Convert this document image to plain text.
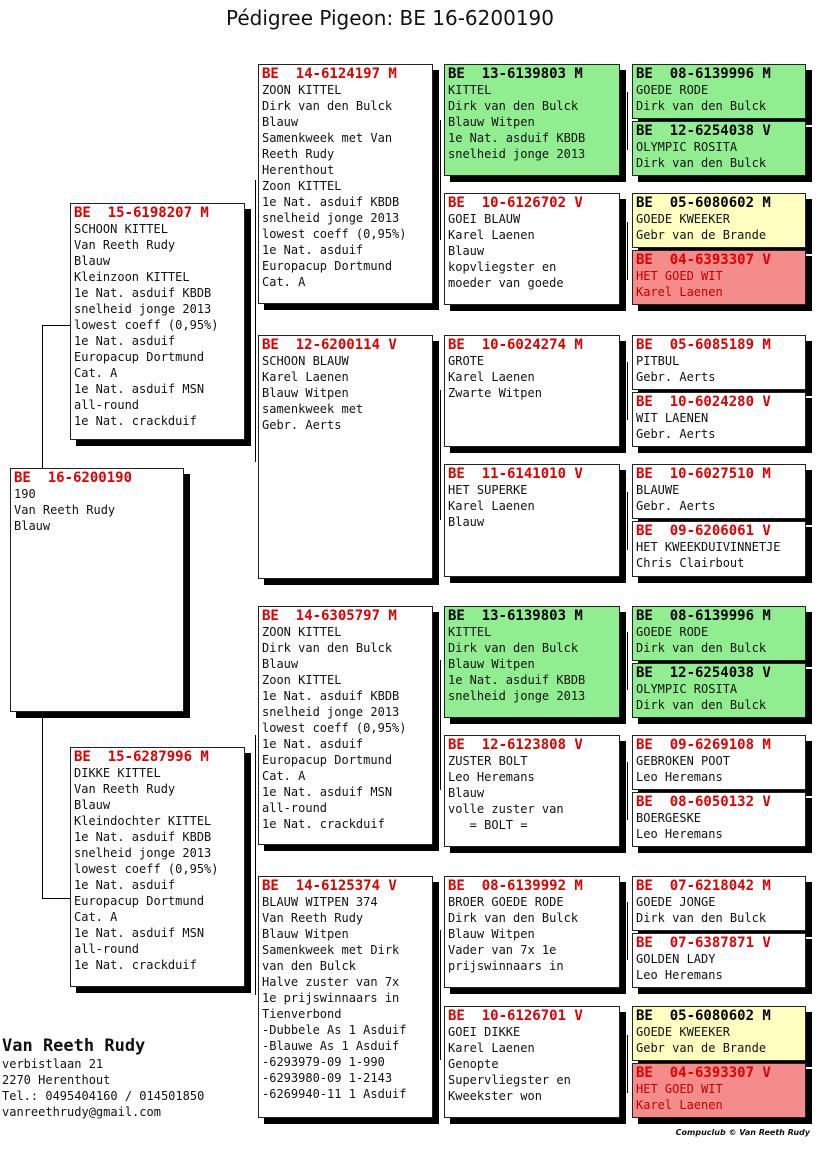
Pédigree Pigeon: BE 16-6200190
BE  16-6200190
190
Van Reeth Rudy
Blauw
BE  15-6198207 M
SCHOON KITTEL
Van Reeth Rudy
Blauw
Kleinzoon KITTEL
1e Nat. asduif KBDB
snelheid jonge 2013
lowest coeff (0,95%)
1e Nat. asduif
Europacup Dortmund
Cat. A
1e Nat. asduif MSN
all-round
1e Nat. crackduif
BE  15-6287996 M
DIKKE KITTEL
Van Reeth Rudy
Blauw
Kleindochter KITTEL
1e Nat. asduif KBDB
snelheid jonge 2013
lowest coeff (0,95%)
1e Nat. asduif
Europacup Dortmund
Cat. A
1e Nat. asduif MSN
all-round
1e Nat. crackduif
BE  14-6124197 M
ZOON KITTEL
Dirk van den Bulck
Blauw
Samenkweek met Van
Reeth Rudy
Herenthout
Zoon KITTEL
1e Nat. asduif KBDB
snelheid jonge 2013
lowest coeff (0,95%)
1e Nat. asduif
Europacup Dortmund
Cat. A
BE  12-6200114 V
SCHOON BLAUW
Karel Laenen
Blauw Witpen
samenkweek met
Gebr. Aerts
BE  14-6305797 M
ZOON KITTEL
Dirk van den Bulck
Blauw
Zoon KITTEL
1e Nat. asduif KBDB
snelheid jonge 2013
lowest coeff (0,95%)
1e Nat. asduif
Europacup Dortmund
Cat. A
1e Nat. asduif MSN
all-round
1e Nat. crackduif
BE  14-6125374 V
BLAUW WITPEN 374
Van Reeth Rudy
Blauw Witpen
Samenkweek met Dirk
van den Bulck
Halve zuster van 7x
1e prijswinnaars in
Tienverbond
-Dubbele As 1 Asduif
-Blauwe As 1 Asduif
-6293979-09 1-990
-6293980-09 1-2143
-6269940-11 1 Asduif
BE  13-6139803 M
KITTEL
Dirk van den Bulck
Blauw Witpen
1e Nat. asduif KBDB
snelheid jonge 2013
BE  10-6126702 V
GOEI BLAUW
Karel Laenen
Blauw
kopvliegster en
moeder van goede
BE  10-6024274 M
GROTE
Karel Laenen
Zwarte Witpen
BE  11-6141010 V
HET SUPERKE
Karel Laenen
Blauw
BE  13-6139803 M
KITTEL
Dirk van den Bulck
Blauw Witpen
1e Nat. asduif KBDB
snelheid jonge 2013
BE  12-6123808 V
ZUSTER BOLT
Leo Heremans
Blauw
volle zuster van
= BOLT =
BE  08-6139992 M
BROER GOEDE RODE
Dirk van den Bulck
Blauw Witpen
Vader van 7x 1e
prijswinnaars in
BE  10-6126701 V
GOEI DIKKE
Karel Laenen
Genopte
Supervliegster en
Kweekster won
BE  08-6139996 M
GOEDE RODE
Dirk van den Bulck
BE  12-6254038 V
OLYMPIC ROSITA
Dirk van den Bulck
BE  05-6080602 M
GOEDE KWEEKER
Gebr van de Brande
BE  04-6393307 V
HET GOED WIT
Karel Laenen
BE  05-6085189 M
PITBUL
Gebr. Aerts
BE  10-6024280 V
WIT LAENEN
Gebr. Aerts
BE  10-6027510 M
BLAUWE
Gebr. Aerts
BE  09-6206061 V
HET KWEEKDUIVINNETJE
Chris Clairbout
BE  08-6139996 M
GOEDE RODE
Dirk van den Bulck
BE  12-6254038 V
OLYMPIC ROSITA
Dirk van den Bulck
BE  09-6269108 M
GEBROKEN POOT
Leo Heremans
BE  08-6050132 V
BOERGESKE
Leo Heremans
BE  07-6218042 M
GOEDE JONGE
Dirk van den Bulck
BE  07-6387871 V
GOLDEN LADY
Leo Heremans
BE  05-6080602 M
GOEDE KWEEKER
Gebr van de Brande
BE  04-6393307 V
HET GOED WIT
Karel Laenen
Van Reeth Rudy
verbistlaan 21
2270 Herenthout
Tel.: 0495404160 / 014501850
vanreethrudy@gmail.com
Compuclub © Van Reeth Rudy
